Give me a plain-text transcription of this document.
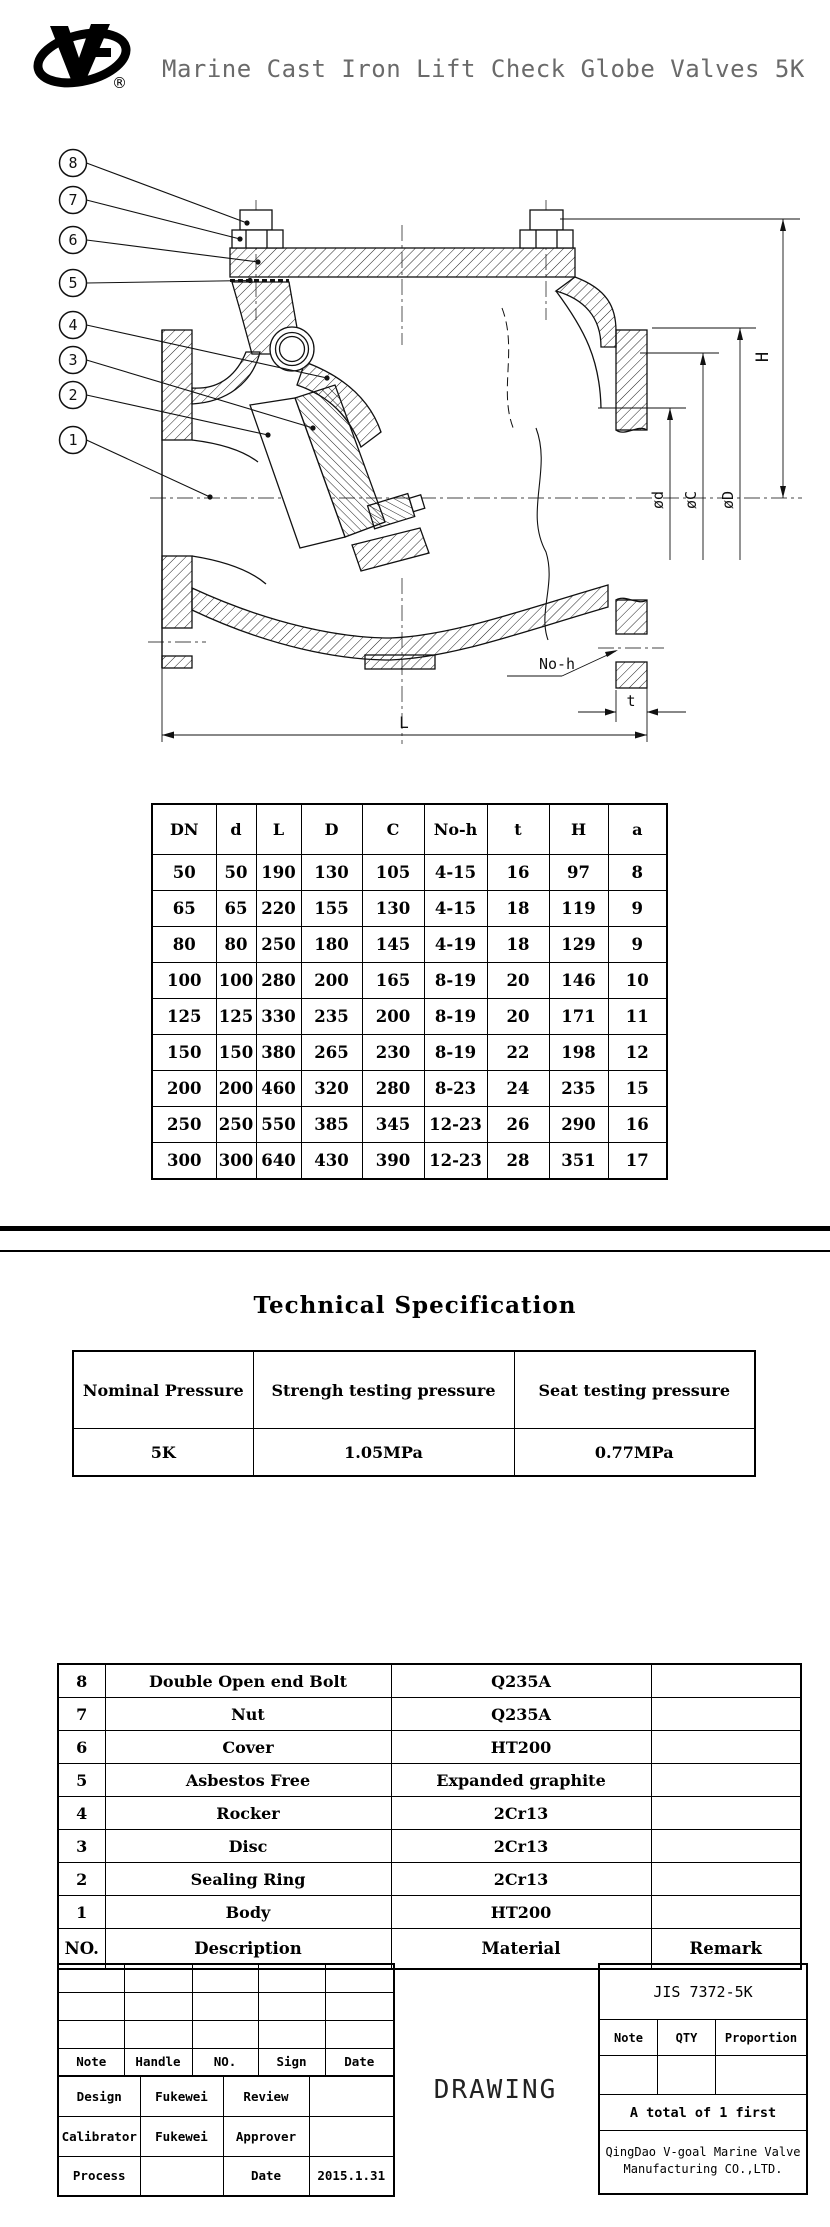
® Marine Cast Iron Lift Check Globe Valves 5K
H
ød øC øD
No-h
t
L
8
7
6
5
4
3
2
1
DN	d	L	D	C	No-h	t	H	a
50	50	190	130	105	4-15	16	97	8
65	65	220	155	130	4-15	18	119	9
80	80	250	180	145	4-19	18	129	9
100	100	280	200	165	8-19	20	146	10
125	125	330	235	200	8-19	20	171	11
150	150	380	265	230	8-19	22	198	12
200	200	460	320	280	8-23	24	235	15
250	250	550	385	345	12-23	26	290	16
300	300	640	430	390	12-23	28	351	17
Technical Specification
Nominal Pressure	Strengh testing pressure	Seat testing pressure
5K	1.05MPa	0.77MPa
8	Double Open end Bolt	Q235A	
7	Nut	Q235A	
6	Cover	HT200	
5	Asbestos Free	Expanded graphite	
4	Rocker	2Cr13	
3	Disc	2Cr13	
2	Sealing Ring	2Cr13	
1	Body	HT200	
NO.	Description	Material	Remark

Note	Handle	NO.	Sign	Date
Design	Fukewei	Review	
Calibrator	Fukewei	Approver	
Process		Date	2015.1.31
DRAWING
JIS 7372-5K
Note	QTY	Proportion
A total of 1 first
QingDao V-goal Marine Valve
Manufacturing CO.,LTD.
